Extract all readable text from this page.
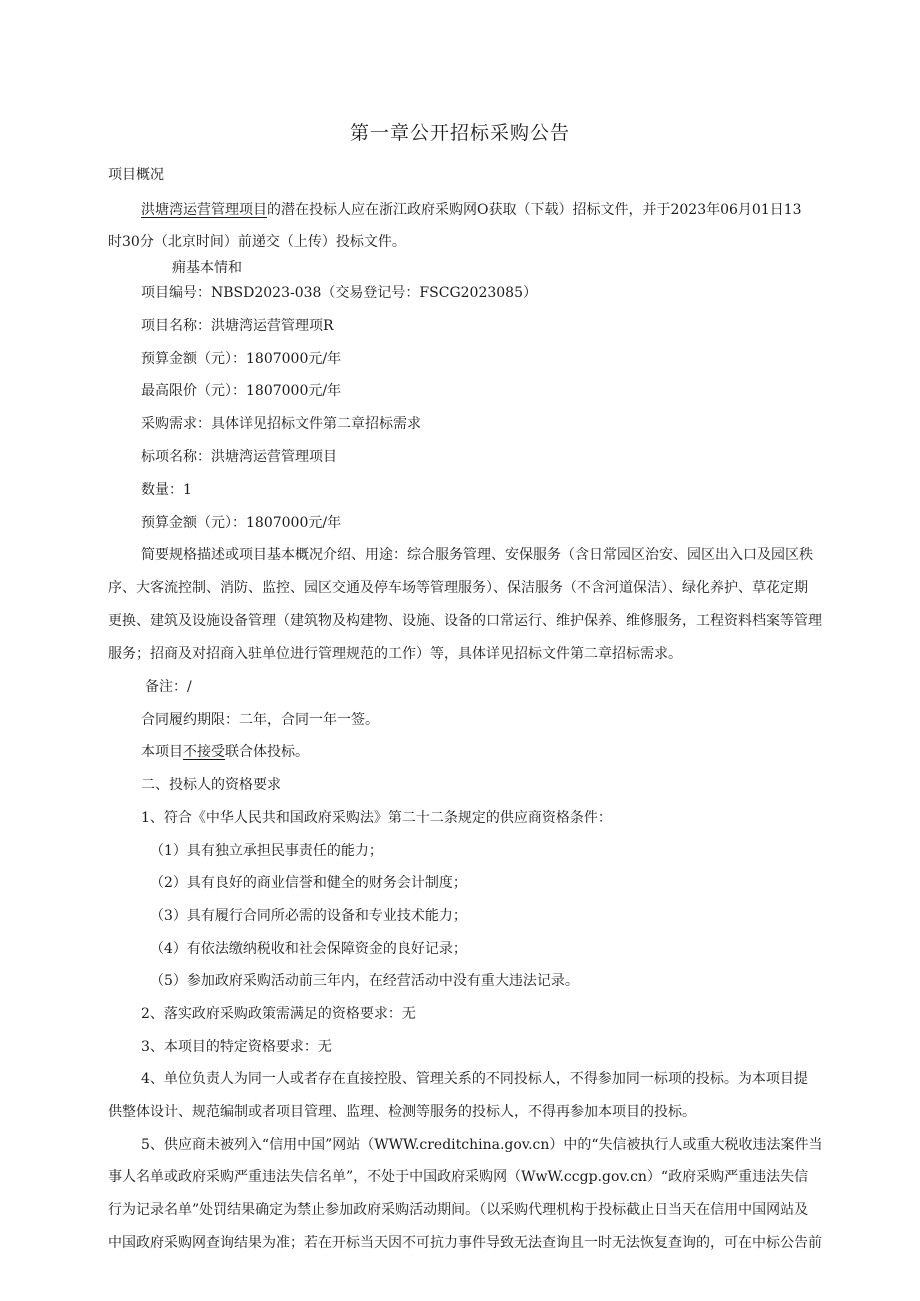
第一章公开招标采购公告
项目概况
洪塘湾运营管理项目的潜在投标人应在浙江政府采购网O获取（下载）招标文件，并于2023年06月01日13
时30分（北京时间）前递交（上传）投标文件。
痈基本情和
项目编号：NBSD2023-038（交易登记号：FSCG2023085）
项目名称：洪塘湾运营管理项R
预算金额（元）：1807000元/年
最高限价（元）：1807000元/年
采购需求：具体详见招标文件第二章招标需求
标项名称：洪塘湾运营管理项目
数量：1
预算金额（元）：1807000元/年
简要规格描述或项目基本概况介绍、用途：综合服务管理、安保服务（含日常园区治安、园区出入口及园区秩
序、大客流控制、消防、监控、园区交通及停车场等管理服务）、保洁服务（不含河道保洁）、绿化养护、草花定期
更换、建筑及设施设备管理（建筑物及构建物、设施、设备的口常运行、维护保养、维修服务，工程资料档案等管理
服务；招商及对招商入驻单位进行管理规范的工作）等，具体详见招标文件第二章招标需求。
备注：/
合同履约期限：二年，合同一年一签。
本项目不接受联合体投标。
二、投标人的资格要求
1、符合《中华人民共和国政府采购法》第二十二条规定的供应商资格条件：
（1）具有独立承担民事责任的能力；
（2）具有良好的商业信誉和健全的财务会计制度；
（3）具有履行合同所必需的设备和专业技术能力；
（4）有依法缴纳税收和社会保障资金的良好记录；
（5）参加政府采购活动前三年内，在经营活动中没有重大违法记录。
2、落实政府采购政策需满足的资格要求：无
3、本项目的特定资格要求：无
4、单位负责人为同一人或者存在直接控股、管理关系的不同投标人，不得参加同一标项的投标。为本项目提
供整体设计、规范编制或者项目管理、监理、检测等服务的投标人，不得再参加本项目的投标。
5、供应商未被列入“信用中国”网站（WWW.creditchina.gov.cn）中的“失信被执行人或重大税收违法案件当
事人名单或政府采购严重违法失信名单”，不处于中国政府采购网（WwW.ccgp.gov.cn）“政府采购严重违法失信
行为记录名单”处罚结果确定为禁止参加政府采购活动期间。（以采购代理机构于投标截止日当天在信用中国网站及
中国政府采购网查询结果为准；若在开标当天因不可抗力事件导致无法查询且一时无法恢复查询的，可在中标公告前
